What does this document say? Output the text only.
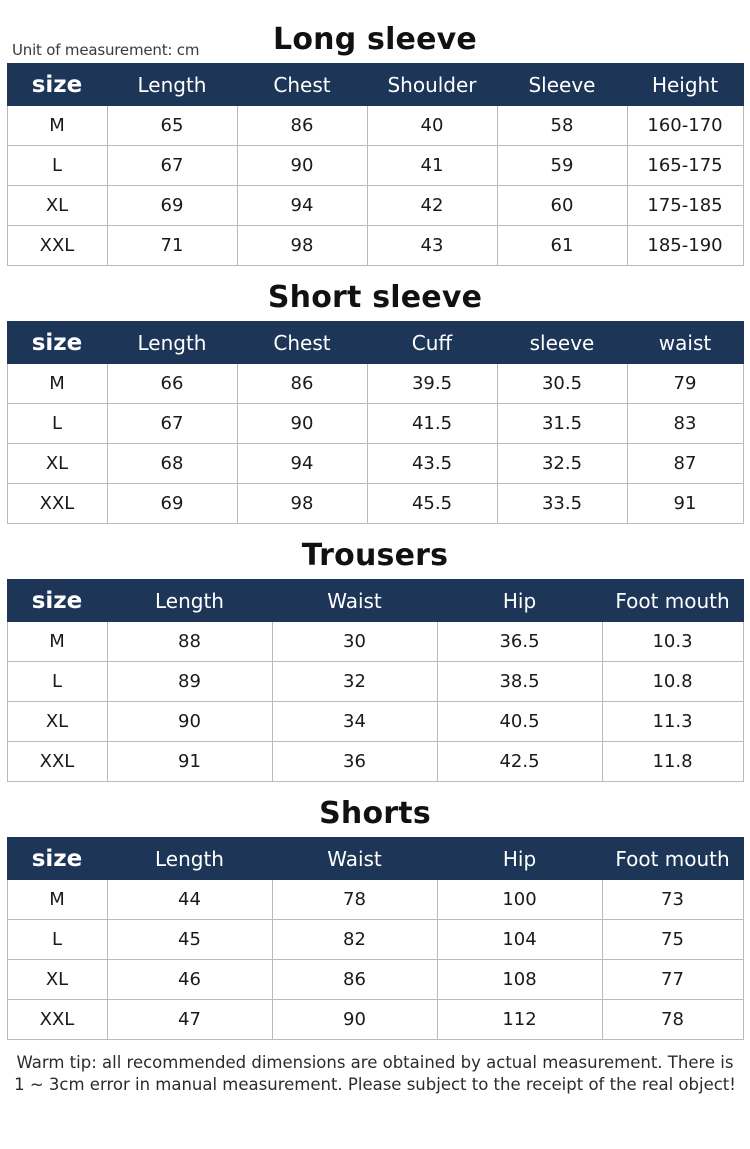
Unit of measurement: cm	Long sleeve
size	Length	Chest	Shoulder	Sleeve	Height
M	65	86	40	58	160-170
L	67	90	41	59	165-175
XL	69	94	42	60	175-185
XXL	71	98	43	61	185-190
Short sleeve
size	Length	Chest	Cuff	sleeve	waist
M	66	86	39.5	30.5	79
L	67	90	41.5	31.5	83
XL	68	94	43.5	32.5	87
XXL	69	98	45.5	33.5	91
Trousers
size	Length	Waist	Hip	Foot mouth
M	88	30	36.5	10.3
L	89	32	38.5	10.8
XL	90	34	40.5	11.3
XXL	91	36	42.5	11.8
Shorts
size	Length	Waist	Hip	Foot mouth
M	44	78	100	73
L	45	82	104	75
XL	46	86	108	77
XXL	47	90	112	78
Warm tip: all recommended dimensions are obtained by actual measurement. There is 1 ~ 3cm error in manual measurement. Please subject to the receipt of the real object!
